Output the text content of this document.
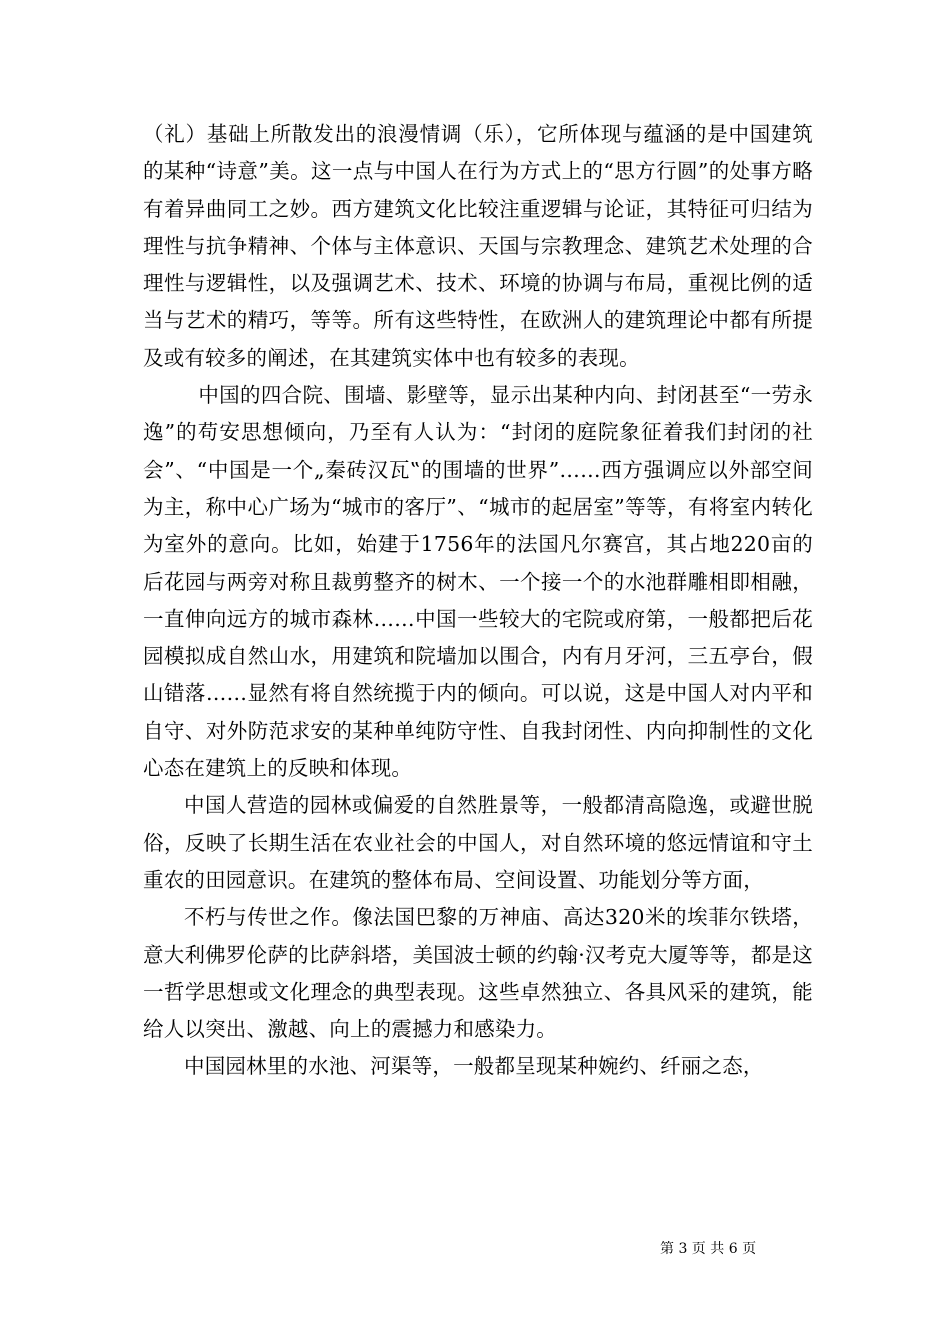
（礼）基础上所散发出的浪漫情调（乐），它所体现与蕴涵的是中国建筑的某种“诗意”美。这一点与中国人在行为方式上的“思方行圆”的处事方略有着异曲同工之妙。西方建筑文化比较注重逻辑与论证，其特征可归结为理性与抗争精神、个体与主体意识、天国与宗教理念、建筑艺术处理的合理性与逻辑性，以及强调艺术、技术、环境的协调与布局，重视比例的适当与艺术的精巧，等等。所有这些特性，在欧洲人的建筑理论中都有所提及或有较多的阐述，在其建筑实体中也有较多的表现。

中国的四合院、围墙、影壁等，显示出某种内向、封闭甚至“一劳永逸”的苟安思想倾向，乃至有人认为：“封闭的庭院象征着我们封闭的社会”、“中国是一个„秦砖汉瓦‟的围墙的世界”……西方强调应以外部空间为主，称中心广场为“城市的客厅”、“城市的起居室”等等，有将室内转化为室外的意向。比如，始建于1756年的法国凡尔赛宫，其占地220亩的后花园与两旁对称且裁剪整齐的树木、一个接一个的水池群雕相即相融，一直伸向远方的城市森林……中国一些较大的宅院或府第，一般都把后花园模拟成自然山水，用建筑和院墙加以围合，内有月牙河，三五亭台，假山错落……显然有将自然统揽于内的倾向。可以说，这是中国人对内平和自守、对外防范求安的某种单纯防守性、自我封闭性、内向抑制性的文化心态在建筑上的反映和体现。

中国人营造的园林或偏爱的自然胜景等，一般都清高隐逸，或避世脱俗，反映了长期生活在农业社会的中国人，对自然环境的悠远情谊和守土重农的田园意识。在建筑的整体布局、空间设置、功能划分等方面，

不朽与传世之作。像法国巴黎的万神庙、高达320米的埃菲尔铁塔，意大利佛罗伦萨的比萨斜塔，美国波士顿的约翰·汉考克大厦等等，都是这一哲学思想或文化理念的典型表现。这些卓然独立、各具风采的建筑，能给人以突出、激越、向上的震撼力和感染力。

中国园林里的水池、河渠等，一般都呈现某种婉约、纤丽之态，

第 3 页 共 6 页
